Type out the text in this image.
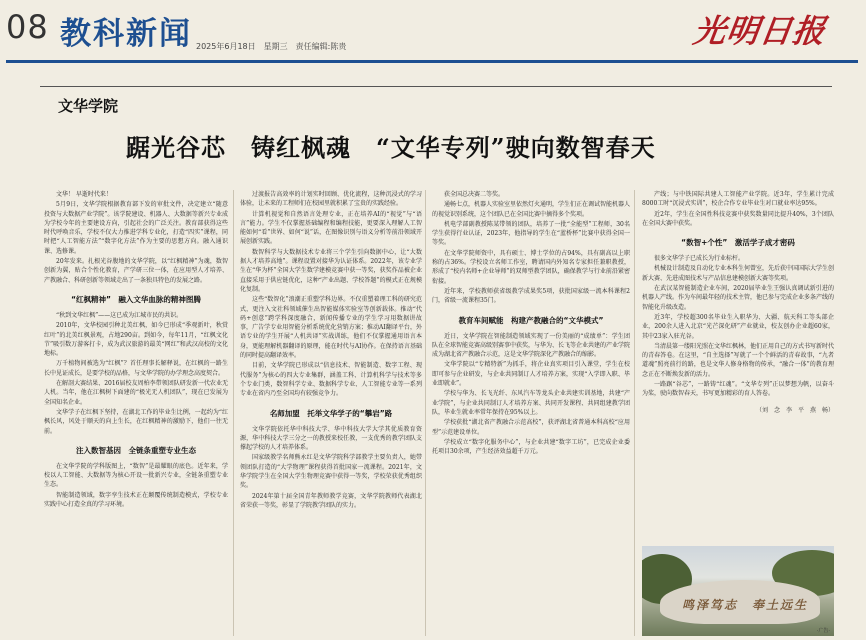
08 教科新闻 2025年6月18日　星期三　责任编辑:陈贵	光明日报
文华学院
踞光谷芯　铸红枫魂　“文华专列”驶向数智春天

文华！ 早逝时代来！

5月9日，文华学院根据教育部下发的审批文件，决定建立“随意投资与大数据产业学院”。该学院建设、机器人、大数据等新兴专业成为学校今年的主要建设方向，引起社会的广泛关注。教育部获得这些时代呼唤音乐，学校不仅大力推进学科专业化，打造“四实”课程，同时把“人工智能方法”“数字化方法”作为主要的思想方向。融入通识课、选修课。

20年发来。扎根光谷腹地的文华学院，以“红枫精神”为魂，数智创新为翼，贴合个性化教育，产学研三位一体，在应用型人才培养、产教融合、科研创新等领域走出了一条独具特色的发展之路。

“红枫精神”　融入文华血脉的精神图腾

“秋到文华红枫”——这已成为江城市民的共识。

2010年，文华校园引种北美红枫，如今已形成“季观新叶，秋赏红叶”的北美红枫景观，占地290亩。到如今，每年11月，“红枫文化节”吸引数万游客打卡，成为武汉旅游的最美“网红”和武汉高校的文化地标。

万千植物间被选为“红枫”？首任理事长解释说，在红枫的一路生长中见证成长，是要学校的品格，与文华学院的办学理念高度契合。

在解剖大赛结果、2016届校友周柏李带领团队研发新一代农业无人机。当年，他在江枫树下面建的“极光无人机团队”，现在已发展为全国知名企业。

文华学子在红枫下坚持，在湖北工作的毕业生比例，一起约为“红枫长风，风处于顺天的向上生长，在红枫精神的激励下，他们一往无前。

注入数智基因　全链条重塑专业生态

在文华学院的学科版图上，“数智”是最耀眼的底色。近年来，学校以人工智能、大数据等为核心开设一批新兴专业，全链条重塑专业生态。

智能制造领域，数字孪生技术正在颠覆传统制造模式，学校专业实践中心打造全真的学习环境。

过渡报告高效率的计划实时回顾、优化流程，这种沉浸式的学习体验，让未来的工程师们在校园里就积累了宝贵的实践经验。

计算机视觉和自然语言处理专业，正在培养AI的“视觉”与“语言”能力。学生不仅掌握基础编程和编程技能，更要深入理解人工智能如何“看”世界、如何“说”话，在图像识别与语义分析等前沿领域开展创新实践。

数智科学与大数据技术专业将三个学生引向数据中心，让“大数据人才培养高地”。课程设置对接华为认证体系。2022年，该专业学生在“华为杯”全国大学生数学建模竞赛中获一等奖，获奖作品被企业直接采用于供应链优化，这种“产业出题、学校答题”的模式正在规模化复制。

这些“数智化”浪潮正重塑学科边界。不仅重塑着理工科的研究范式，更注入文社科领域催生出智能媒体实验室等创新载体。推动“代码+创意”跨学科深度融合，新闻传播专业的学生学习用数据讲故事，广告学专业用智能分析系统优化营销方案；推动AI翻译平台，外语专业的学生开展“人机共译”实战训练，他们不仅掌握通用语言本身，更能理解机器翻译的原理，能在时代与AI协作。在保持语言基础的同时提高翻译效率。

目前，文华学院已形成以“信息技术、智能制造、数字工程、现代服务”为核心的四大专业集群，涵盖工科、计算机科学与技术等多个专业门类，数智科学专业、数据科学专业、人工智能专业等一系列专业在省内乃至全国均有较强竞争力。

名师加盟　托举文华学子的“攀岩”路

文华学院依托华中科技大学、华中科技大学大学其优质教育资源，华中科技大学三分之一的教授来校任教，一支优秀的教学团队支撑起学校的人才培养体系。

国家级教学名师熊永红是文华学院科学部教学主要负责人，她带领团队打造的“大学物理”课程获得首批国家一流课程。2021年，文华学院学生在全国大学生物理竞赛中获得一等奖，学校荣获优秀组织奖。

2024年第十届全国青年教师教学竞赛，文华学院教师代表湖北省荣获一等奖，彰显了学院教学团队的实力。

获全国总决赛二等奖。

通畅七点，机器人实验室里依然灯火通明，学生们正在调试智能机器人的视觉识别系统，这个团队已在全国比赛中摘得多个奖项。

机电学部副教授陈某带领的团队，培养了一批“全能型”工程师，30名学生获得行业认证，2023年，他指导的学生在“蓝桥杯”比赛中获得全国一等奖。

在文华学院师资中，具有硕士、博士学位的占94%，具有副高以上职称的占36%。学校设立名师工作室，聘请国内外知名专家担任兼职教授，形成了“校内名师+企业导师”的双师型教学团队，确保教学与行业前沿紧密衔接。

近年来，学校教师获省级教学成果奖5项，获批国家级一流本科课程2门，省级一流课程35门。

教育车间赋能　构建产教融合的“文华模式”

近日，文华学院在智能制造领域实现了一份美丽的“成绩单”：学生团队在全球智能竞赛高级别赛事中获奖，与华为、长飞等企业共建的产业学院成为湖北省产教融合示范，这是文华学院深化产教融合的缩影。

文华学院以“专精特新”为抓手，将企业真实项目引入课堂，学生在校即可参与企业研发，与企业共同制订人才培养方案，实现“入学即入职、毕业即就业”。

学校与华为、长飞光纤、东风汽车等龙头企业共建实训基地，共建“产业学院”，与企业共同制订人才培养方案、共同开发课程、共同组建教学团队，毕业生就业率常年保持在95%以上。

学校获批“湖北省产教融合示范高校”，获评湖北省普通本科高校“应用型”示范建设单位。

学校成立“数字化服务中心”，与企业共建“数字工坊”，已完成企业委托项目30余项，产生经济效益超千万元。

产线；与中铁国际共建人工智能产业学院。近3年，学生累计完成8000工时“沉浸式实训”，校企合作专业毕业生对口就业率达95%。

近2年，学生在全国性科技竞赛中获奖数量同比提升40%，3个团队在全国大赛中获奖。

“数智+个性”　激活学子成才密码

很多文华学子已成长为行业标杆。

机械设计制造及自动化专业本科生何曾室，先后获中国国际大学生创新大赛、先进成图技术与产品信息建模创新大赛等奖项。

在武汉某智能制造企业车间，2020届毕业生王强认真调试新引进的机器人产线。作为车间最年轻的技术主管，他已参与完成企业多条产线的智能化升级改造。

近3年，学校超300名毕业生入职华为、大疆、航天科工等头部企业，200余人进入北京“光芒深化研”产业就业，校友创办企业超60家，其中23家入驻光谷。

当清晨第一缕阳光照在文华红枫林，他们正用自己的方式书写新时代的青春答卷。在这里，“自主选择”写就了一个个鲜活的青春故事，“九者道魂”照亮前行的路，也是文华人修身格物的传承，“融合一体”的教育理念正在不断焕发新的活力。

一路踞“谷芯”，一路铸“红魂”。“文华专列”正以梦想为帆，以奋斗为桨，驶向数智春天，书写更加精彩的育人答卷。

（刘　念　李　平　燕　畅）
鸣泽笃志　奉土远生
·广告·
